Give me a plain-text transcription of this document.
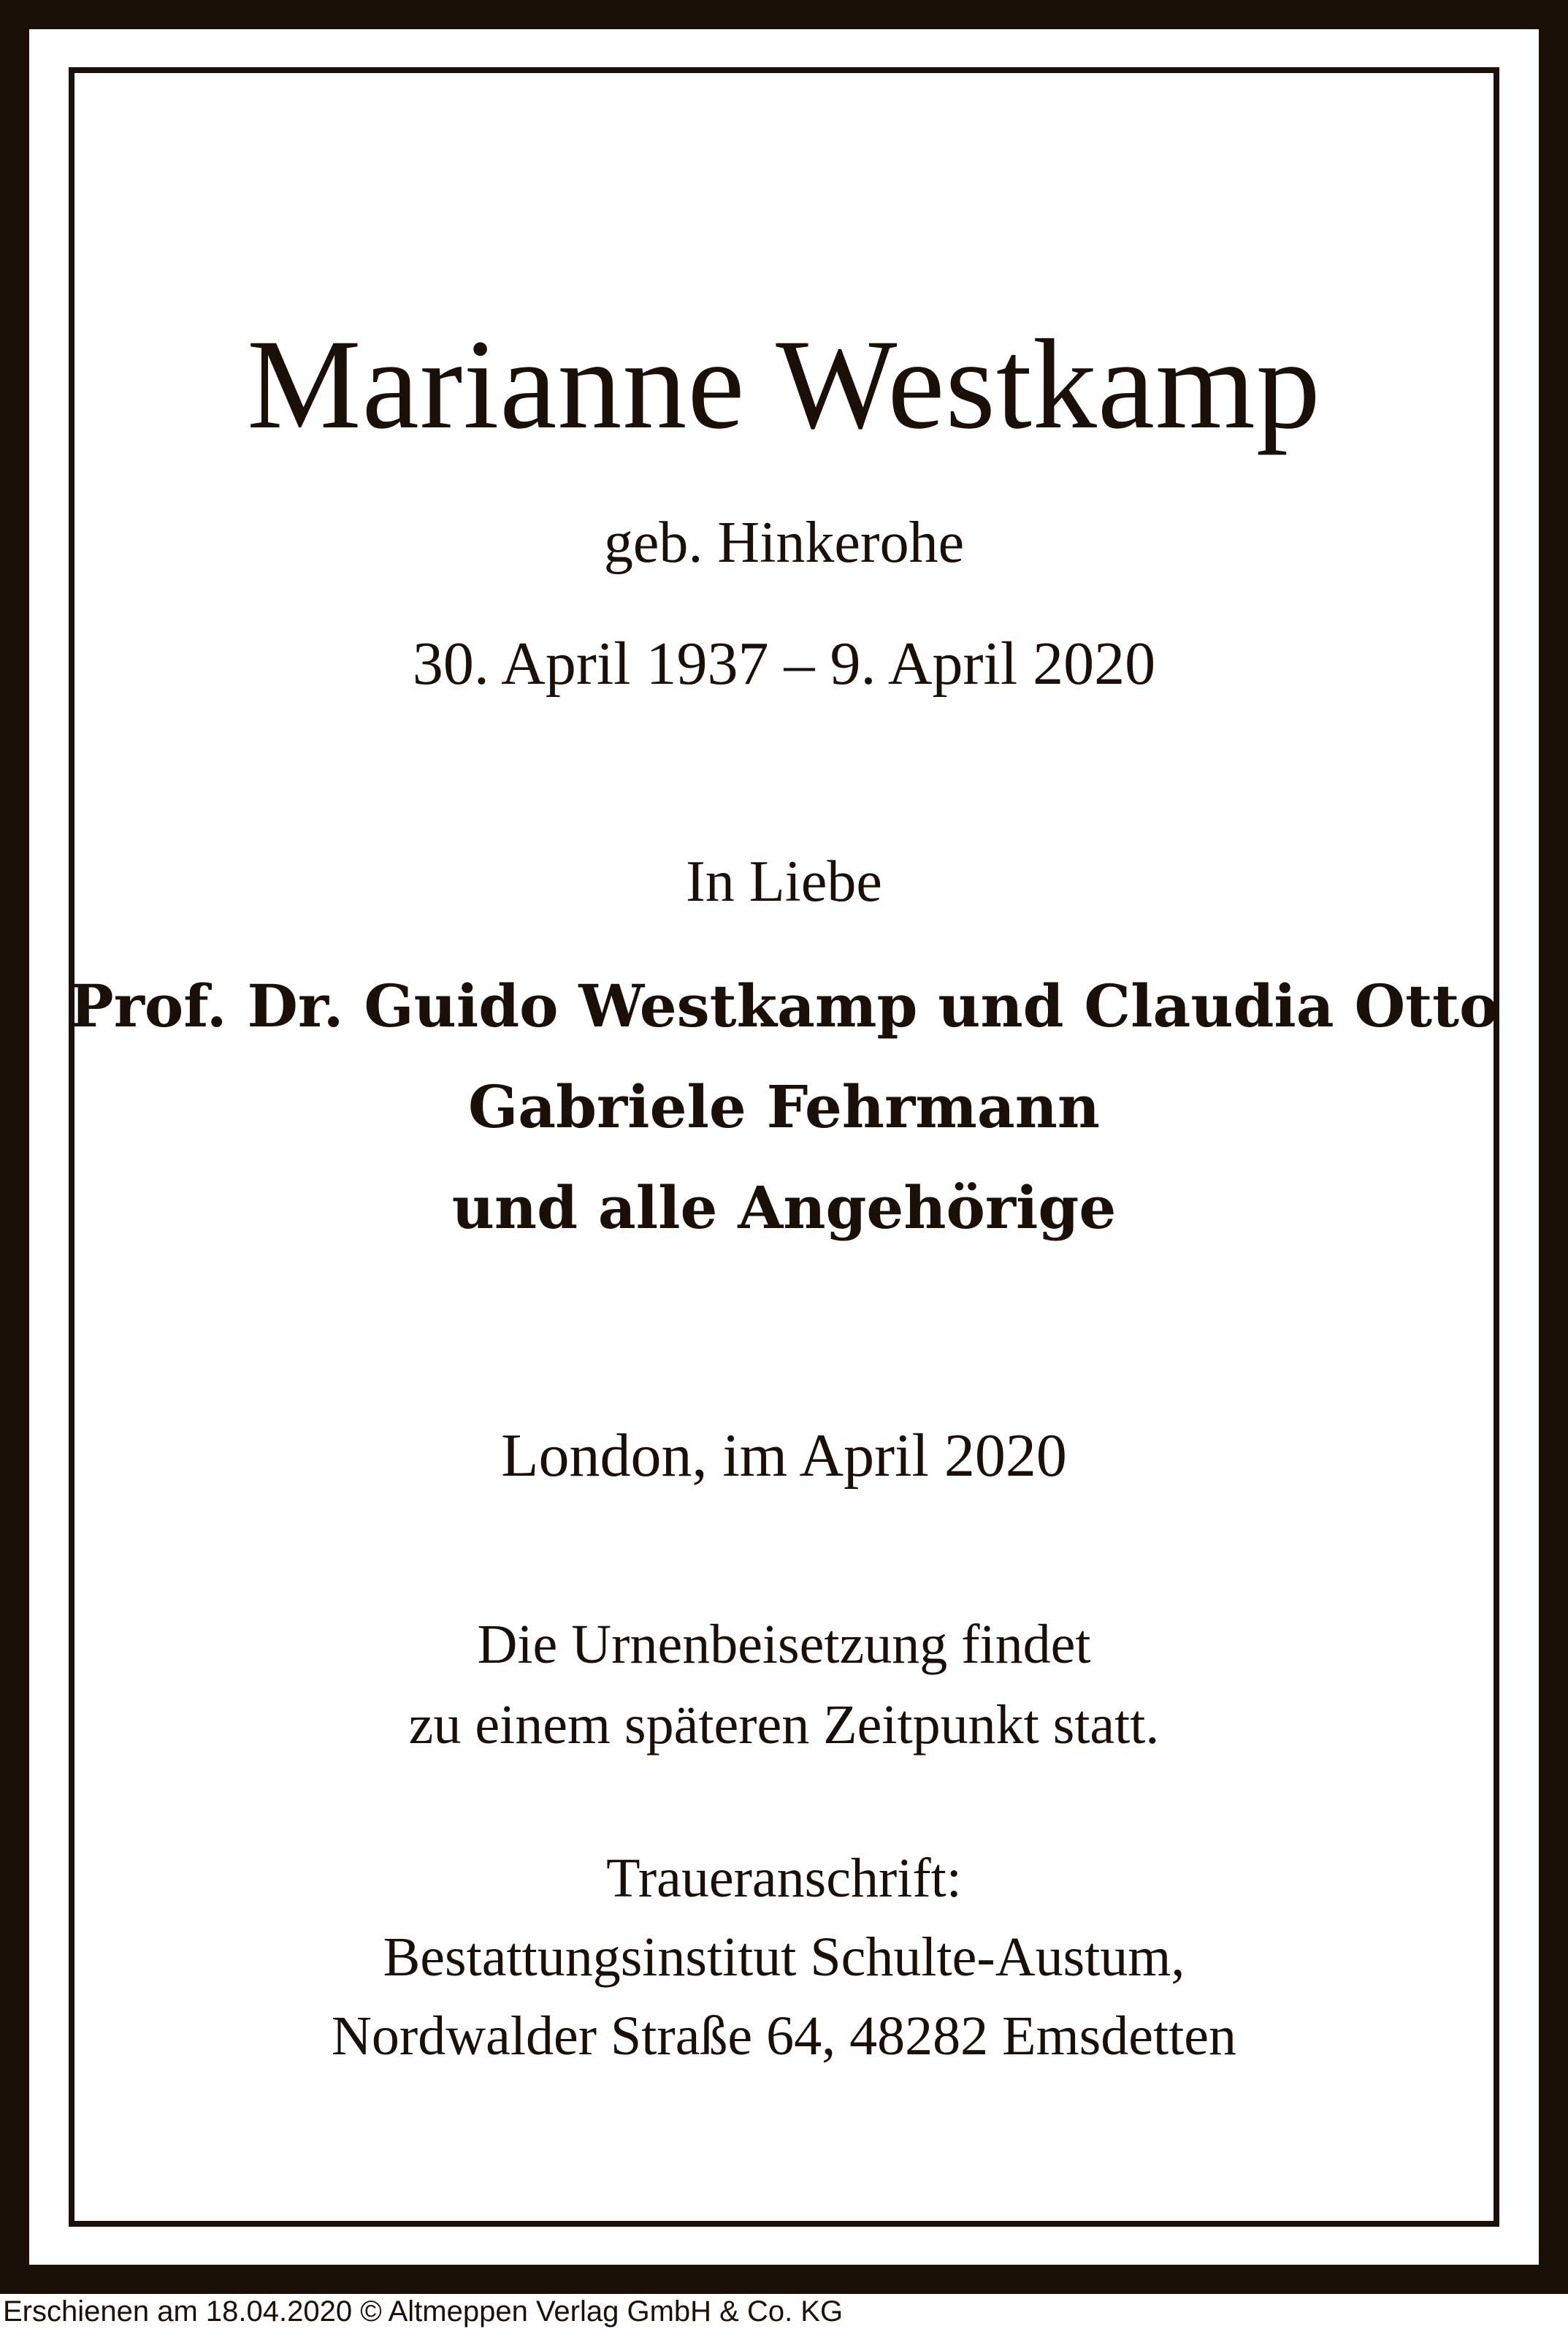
Marianne Westkamp
geb. Hinkerohe
30. April 1937 – 9. April 2020
In Liebe
Prof. Dr. Guido Westkamp und Claudia Otto
Gabriele Fehrmann
und alle Angehörige
London, im April 2020
Die Urnenbeisetzung findet
zu einem späteren Zeitpunkt statt.
Traueranschrift:
Bestattungsinstitut Schulte-Austum,
Nordwalder Straße 64, 48282 Emsdetten
Erschienen am 18.04.2020 © Altmeppen Verlag GmbH & Co. KG
